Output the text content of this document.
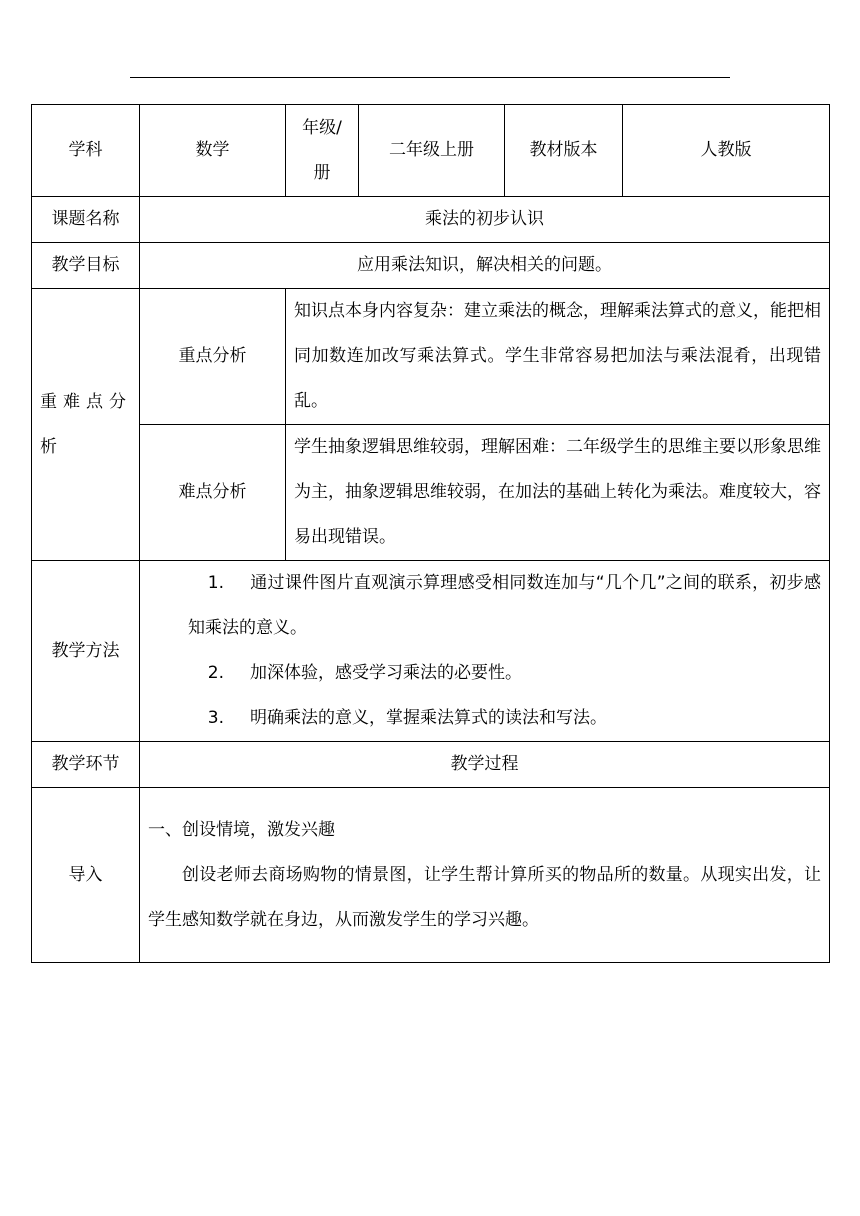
学科	数学	年级/册	二年级上册	教材版本	人教版
课题名称	乘法的初步认识				
教学目标	应用乘法知识，解决相关的问题。				
重难点分析	重点分析	知识点本身内容复杂：建立乘法的概念，理解乘法算式的意义，能把相同加数连加改写乘法算式。学生非常容易把加法与乘法混肴，出现错乱。			
	难点分析	学生抽象逻辑思维较弱，理解困难：二年级学生的思维主要以形象思维为主，抽象逻辑思维较弱，在加法的基础上转化为乘法。难度较大，容易出现错误。			
教学方法	1. 通过课件图片直观演示算理感受相同数连加与“几个几”之间的联系，初步感知乘法的意义。
2. 加深体验，感受学习乘法的必要性。
3. 明确乘法的意义，掌握乘法算式的读法和写法。				

教学环节	教学过程				
导入	一、创设情境，激发兴趣
创设老师去商场购物的情景图，让学生帮计算所买的物品所的数量。从现实出发，让学生感知数学就在身边，从而激发学生的学习兴趣。				
